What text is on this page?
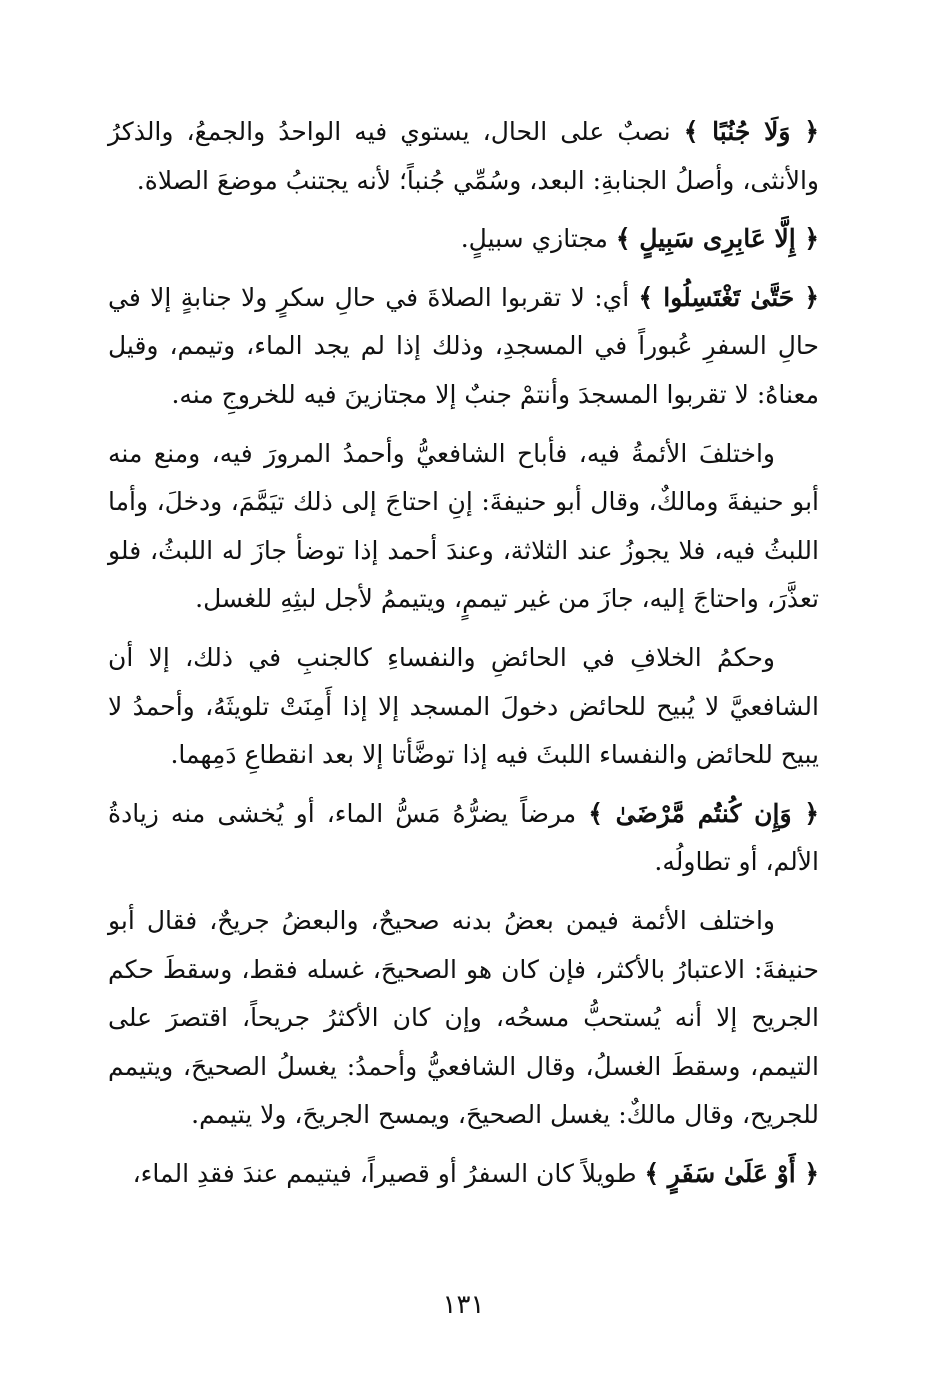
﴿ وَلَا جُنُبًا ﴾ نصبٌ على الحال، يستوي فيه الواحدُ والجمعُ، والذكرُ والأنثى، وأصلُ الجنابةِ: البعد، وسُمِّي جُنباً؛ لأنه يجتنبُ موضعَ الصلاة.

﴿ إِلَّا عَابِرِى سَبِيلٍ ﴾ مجتازي سبيلٍ.

﴿ حَتَّىٰ تَغْتَسِلُوا ﴾ أي: لا تقربوا الصلاةَ في حالِ سكرٍ ولا جنابةٍ إلا في حالِ السفرِ عُبوراً في المسجدِ، وذلك إذا لم يجد الماء، وتيمم، وقيل معناهُ: لا تقربوا المسجدَ وأنتمْ جنبٌ إلا مجتازينَ فيه للخروجِ منه.

واختلفَ الأئمةُ فيه، فأباح الشافعيُّ وأحمدُ المرورَ فيه، ومنع منه أبو حنيفةَ ومالكٌ، وقال أبو حنيفةَ: إنِ احتاجَ إلى ذلك تيَمَّمَ، ودخلَ، وأما اللبثُ فيه، فلا يجوزُ عند الثلاثة، وعندَ أحمد إذا توضأ جازَ له اللبثُ، فلو تعذَّرَ، واحتاجَ إليه، جازَ من غير تيممٍ، ويتيممُ لأجل لبثِهِ للغسل.

وحكمُ الخلافِ في الحائضِ والنفساءِ كالجنبِ في ذلك، إلا أن الشافعيَّ لا يُبيح للحائض دخولَ المسجد إلا إذا أَمِنَتْ تلويثَهُ، وأحمدُ لا يبيح للحائض والنفساء اللبثَ فيه إذا توضَّأتا إلا بعد انقطاعِ دَمِهما.

﴿ وَإِن كُنتُم مَّرْضَىٰ ﴾ مرضاً يضرُّهُ مَسُّ الماء، أو يُخشى منه زيادةُ الألم، أو تطاولُه.

واختلف الأئمة فيمن بعضُ بدنه صحيحٌ، والبعضُ جريحٌ، فقال أبو حنيفةَ: الاعتبارُ بالأكثر، فإن كان هو الصحيحَ، غسله فقط، وسقطَ حكم الجريح إلا أنه يُستحبُّ مسحُه، وإن كان الأكثرُ جريحاً، اقتصرَ على التيمم، وسقطَ الغسلُ، وقال الشافعيُّ وأحمدُ: يغسلُ الصحيحَ، ويتيمم للجريح، وقال مالكٌ: يغسل الصحيحَ، ويمسح الجريحَ، ولا يتيمم.

﴿ أَوْ عَلَىٰ سَفَرٍ ﴾ طويلاً كان السفرُ أو قصيراً، فيتيمم عندَ فقدِ الماء،

١٣١
